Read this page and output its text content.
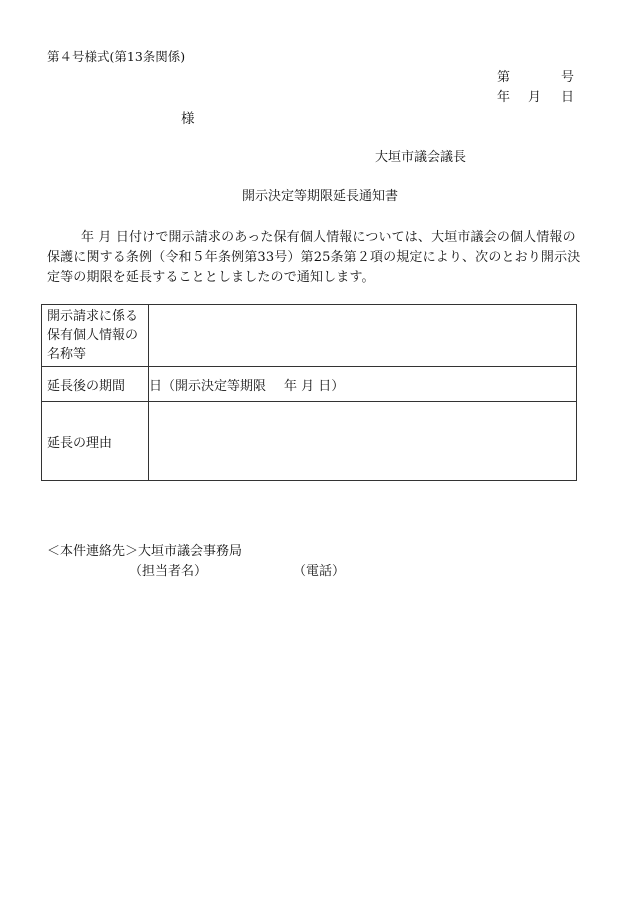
第４号様式(第13条関係)
第	号
年 月 日
様
大垣市議会議長
開示決定等期限延長通知書
年 月 日付けで開示請求のあった保有個人情報については、大垣市議会の個人情報の保護に関する条例（令和５年条例第33号）第25条第２項の規定により、次のとおり開示決定等の期限を延長することとしましたので通知します。
開示請求に係る保有個人情報の名称等	
延長後の期間	日（開示決定等期限 年 月 日）
延長の理由	
＜本件連絡先＞大垣市議会事務局
（担当者名）	（電話）
